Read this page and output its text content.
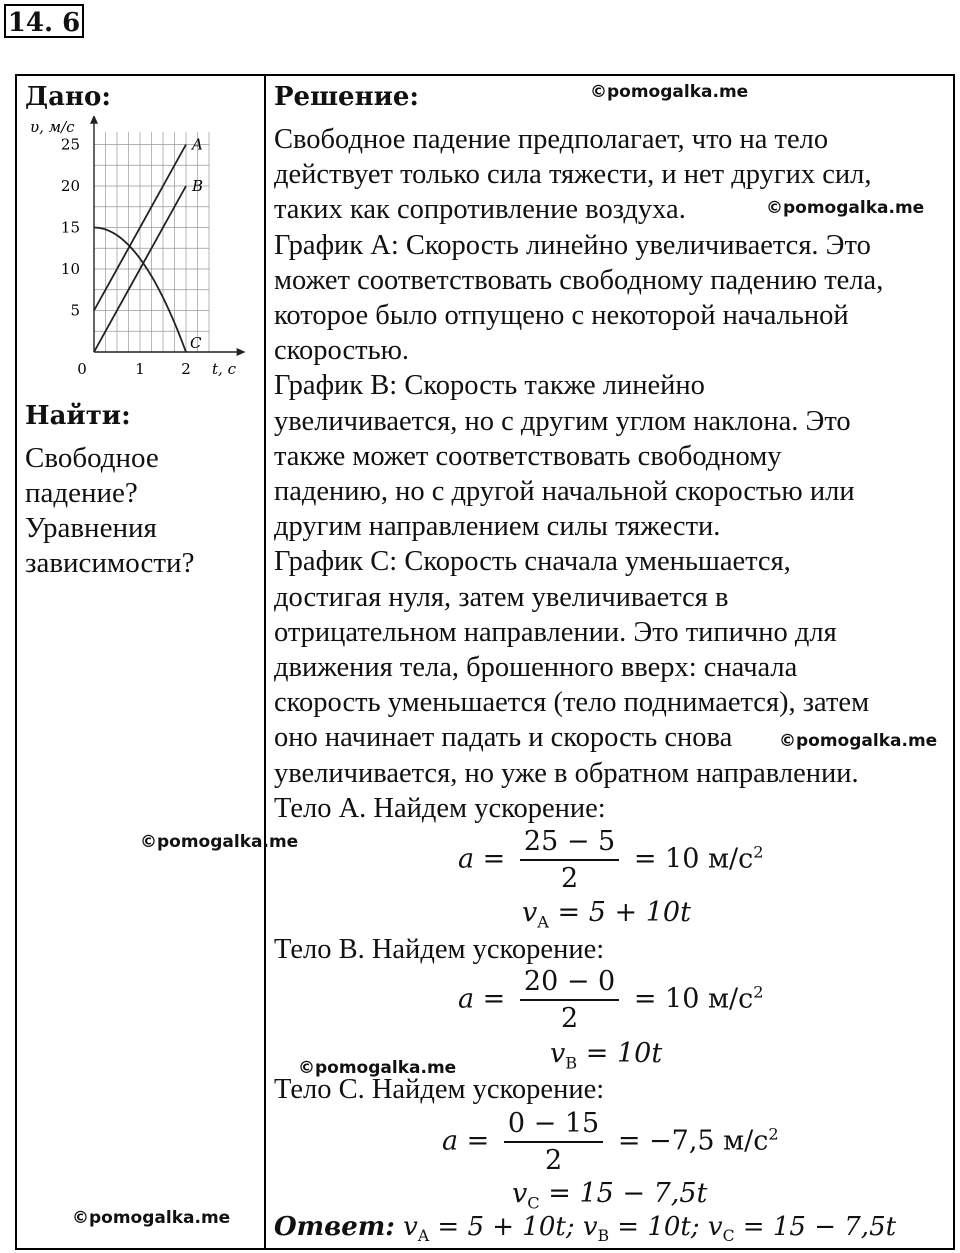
14. 6
Дано:	Решение:
Найти:
5
10
15
20
25
0	1 2
A
B
C
υ, м/с
t, с
Свободное
падение?
Уравнения
зависимости?
Свободное падение предполагает, что на тело
действует только сила тяжести, и нет других сил,
таких как сопротивление воздуха.
График А: Скорость линейно увеличивается. Это
может соответствовать свободному падению тела,
которое было отпущено с некоторой начальной
скоростью.
График В: Скорость также линейно
увеличивается, но с другим углом наклона. Это
также может соответствовать свободному
падению, но с другой начальной скоростью или
другим направлением силы тяжести.
График С: Скорость сначала уменьшается,
достигая нуля, затем увеличивается в
отрицательном направлении. Это типично для
движения тела, брошенного вверх: сначала
скорость уменьшается (тело поднимается), затем
оно начинает падать и скорость снова
увеличивается, но уже в обратном направлении.
Тело А. Найдем ускорение:
$a = \frac{25 - 5}{2} = 10$ $м/с^2$
$v_A = 5 + 10t$
Тело В. Найдем ускорение:
$a = \frac{20 - 0}{2} = 10$ $м/с^2$
$v_B = 10t$
Тело С. Найдем ускорение:
$a = \frac{0 - 15}{2} = -7,5$ $м/с^2$
$v_C = 15 - 7,5t$
Ответ: $v_A = 5 + 10t$; $v_B = 10t$; $v_C = 15 - 7,5t$
©pomogalka.me
©pomogalka.me
©pomogalka.me
©pomogalka.me
©pomogalka.me
©pomogalka.me
